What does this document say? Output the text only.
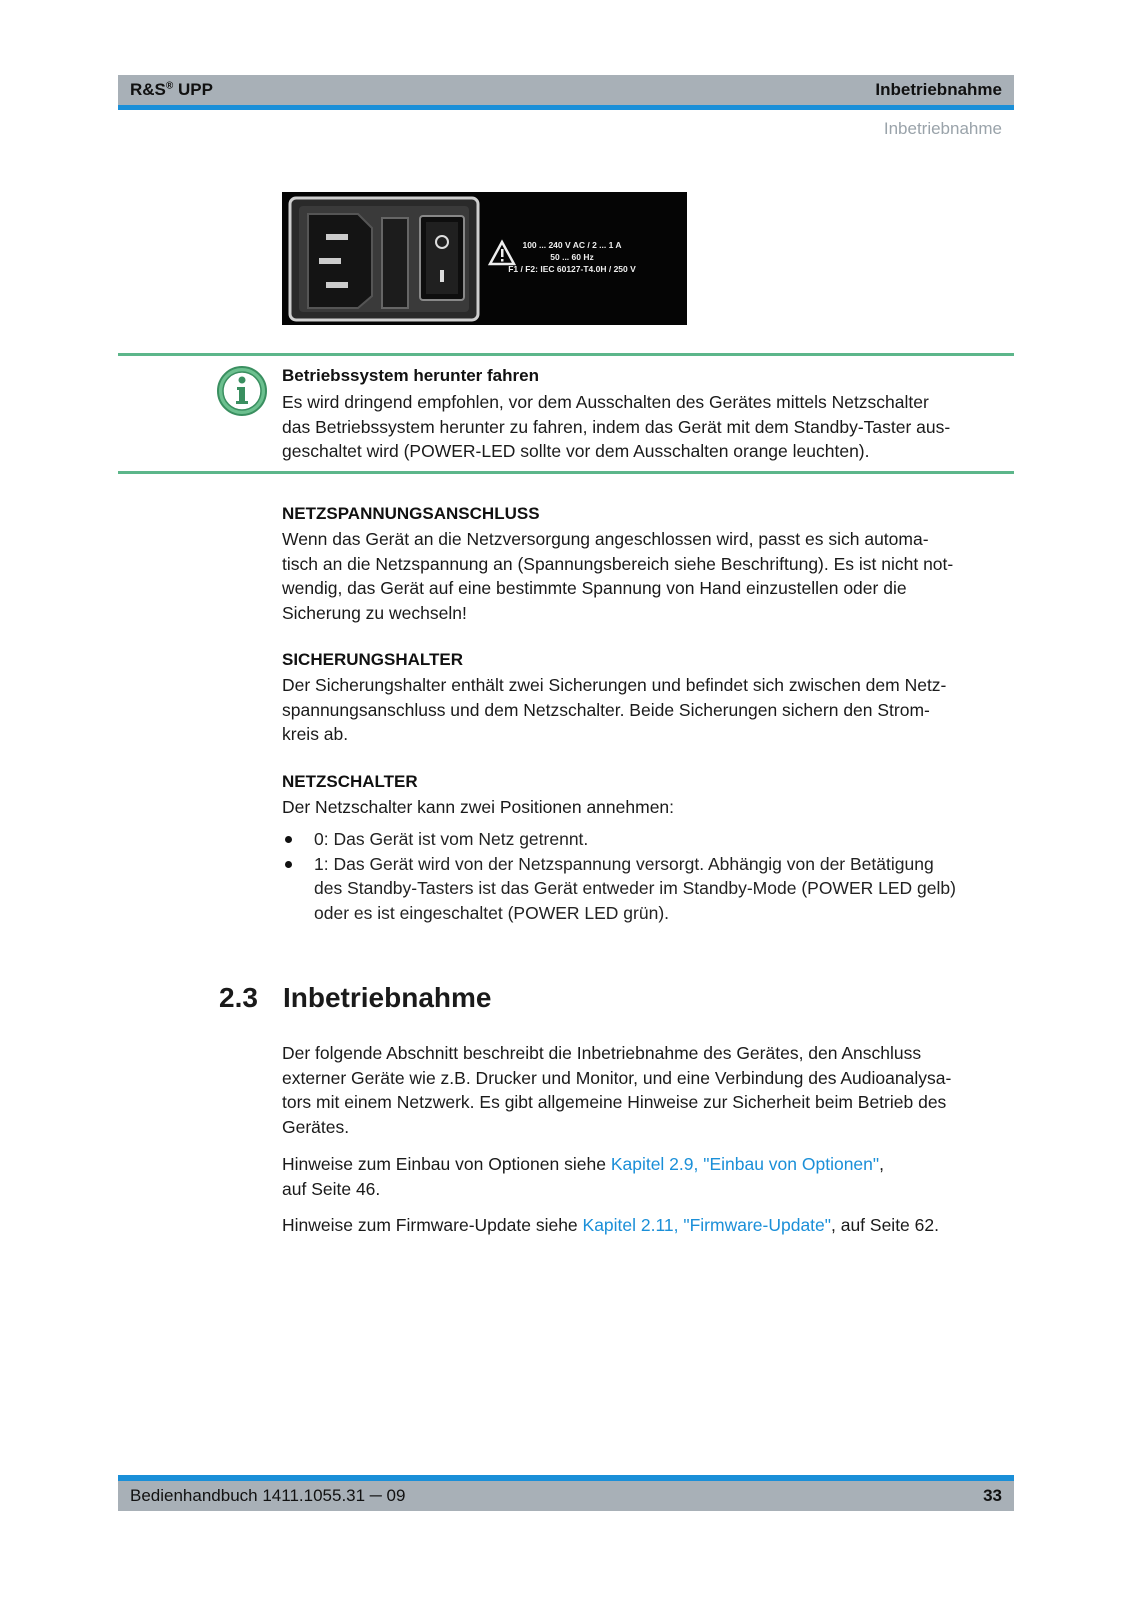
R&S® UPP	Inbetriebnahme
Inbetriebnahme
100 ... 240 V AC / 2 ... 1 A
50 ... 60 Hz
F1 / F2: IEC 60127-T4.0H / 250 V
Betriebssystem herunter fahren
Es wird dringend empfohlen, vor dem Ausschalten des Gerätes mittels Netzschalter
das Betriebssystem herunter zu fahren, indem das Gerät mit dem Standby-Taster aus-
geschaltet wird (POWER-LED sollte vor dem Ausschalten orange leuchten).
NETZSPANNUNGSANSCHLUSS
Wenn das Gerät an die Netzversorgung angeschlossen wird, passt es sich automa-
tisch an die Netzspannung an (Spannungsbereich siehe Beschriftung). Es ist nicht not-
wendig, das Gerät auf eine bestimmte Spannung von Hand einzustellen oder die
Sicherung zu wechseln!
SICHERUNGSHALTER
Der Sicherungshalter enthält zwei Sicherungen und befindet sich zwischen dem Netz-
spannungsanschluss und dem Netzschalter. Beide Sicherungen sichern den Strom-
kreis ab.
NETZSCHALTER
Der Netzschalter kann zwei Positionen annehmen:
0: Das Gerät ist vom Netz getrennt.
1: Das Gerät wird von der Netzspannung versorgt. Abhängig von der Betätigung
des Standby-Tasters ist das Gerät entweder im Standby-Mode (POWER LED gelb)
oder es ist eingeschaltet (POWER LED grün).
2.3 Inbetriebnahme
Der folgende Abschnitt beschreibt die Inbetriebnahme des Gerätes, den Anschluss
externer Geräte wie z.B. Drucker und Monitor, und eine Verbindung des Audioanalysa-
tors mit einem Netzwerk. Es gibt allgemeine Hinweise zur Sicherheit beim Betrieb des
Gerätes.
Hinweise zum Einbau von Optionen siehe Kapitel 2.9, "Einbau von Optionen",
auf Seite 46.
Hinweise zum Firmware-Update siehe Kapitel 2.11, "Firmware-Update", auf Seite 62.
Bedienhandbuch 1411.1055.31 ─ 09	33
